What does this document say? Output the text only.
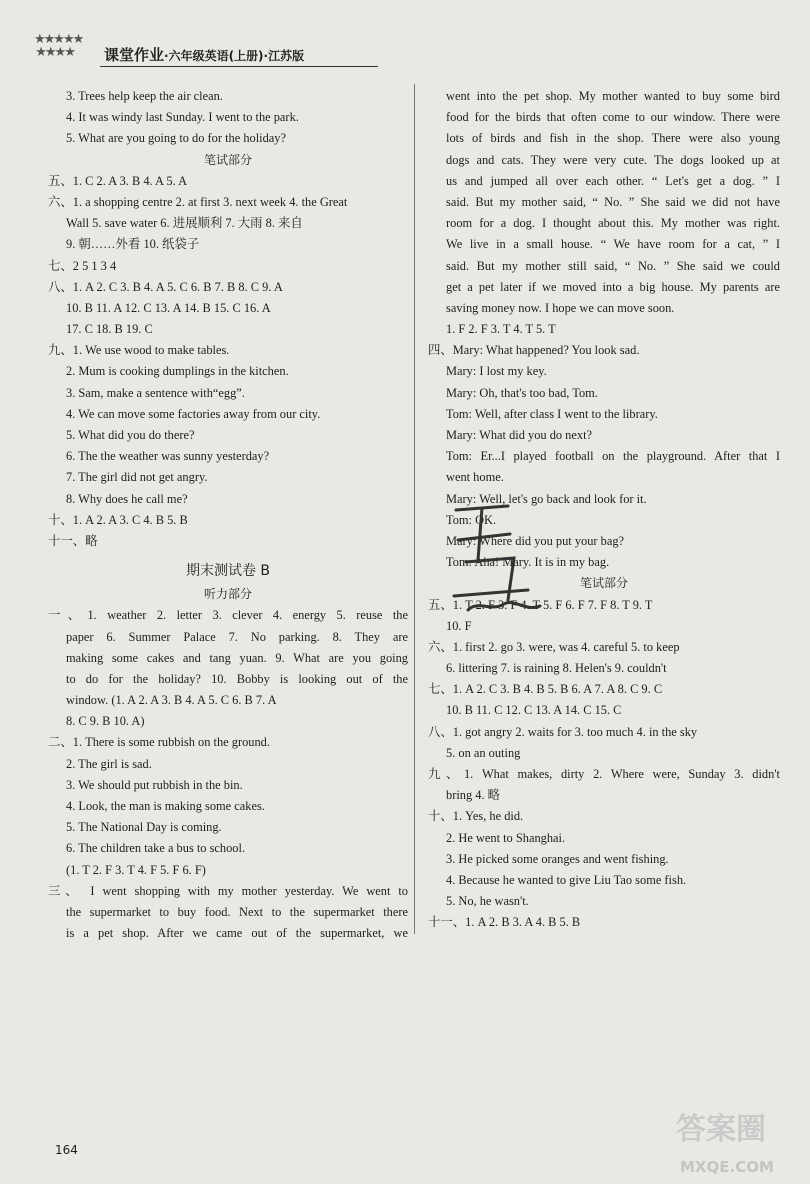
★★★★★
★★★★	课堂作业·六年级英语(上册)·江苏版
3. Trees help keep the air clean.
4. It was windy last Sunday. I went to the park.
5. What are you going to do for the holiday?
笔试部分
五、1. C 2. A 3. B 4. A 5. A
六、1. a shopping centre 2. at first 3. next week 4. the Great
Wall 5. save water 6. 进展顺利 7. 大雨 8. 来自
9. 朝……外看 10. 纸袋子
七、2 5 1 3 4
八、1. A 2. C 3. B 4. A 5. C 6. B 7. B 8. C 9. A
10. B 11. A 12. C 13. A 14. B 15. C 16. A
17. C 18. B 19. C
九、1. We use wood to make tables.
2. Mum is cooking dumplings in the kitchen.
3. Sam, make a sentence with“egg”.
4. We can move some factories away from our city.
5. What did you do there?
6. The the weather was sunny yesterday?
7. The girl did not get angry.
8. Why does he call me?
十、1. A 2. A 3. C 4. B 5. B
十一、略
期末测试卷 B
听力部分
一、1. weather 2. letter 3. clever 4. energy 5. reuse the
paper 6. Summer Palace 7. No parking. 8. They are
making some cakes and tang yuan. 9. What are you going
to do for the holiday? 10. Bobby is looking out of the
window. (1. A 2. A 3. B 4. A 5. C 6. B 7. A
8. C 9. B 10. A)
二、1. There is some rubbish on the ground.
2. The girl is sad.
3. We should put rubbish in the bin.
4. Look, the man is making some cakes.
5. The National Day is coming.
6. The children take a bus to school.
(1. T 2. F 3. T 4. F 5. F 6. F)
三、 I went shopping with my mother yesterday. We went to
the supermarket to buy food. Next to the supermarket there
is a pet shop. After we came out of the supermarket, we
went into the pet shop. My mother wanted to buy some bird
food for the birds that often come to our window. There were
lots of birds and fish in the shop. There were also young
dogs and cats. They were very cute. The dogs looked up at
us and jumped all over each other. “ Let's get a dog. ” I
said. But my mother said, “ No. ” She said we did not have
room for a dog. I thought about this. My mother was right.
We live in a small house. “ We have room for a cat, ” I
said. But my mother still said, “ No. ” She said we could
get a pet later if we moved into a big house. My parents are
saving money now. I hope we can move soon.
1. F 2. F 3. T 4. T 5. T
四、Mary: What happened? You look sad.
Mary: I lost my key.
Mary: Oh, that's too bad, Tom.
Tom: Well, after class I went to the library.
Mary: What did you do next?
Tom: Er...I played football on the playground. After that I
went home.
Mary: Well, let's go back and look for it.
Tom: OK.
Mary: Where did you put your bag?
Tom: Aha! Mary. It is in my bag.
笔试部分
五、1. T 2. F 3. F 4. T 5. F 6. F 7. F 8. T 9. T
10. F
六、1. first 2. go 3. were, was 4. careful 5. to keep
6. littering 7. is raining 8. Helen's 9. couldn't
七、1. A 2. C 3. B 4. B 5. B 6. A 7. A 8. C 9. C
10. B 11. C 12. C 13. A 14. C 15. C
八、1. got angry 2. waits for 3. too much 4. in the sky
5. on an outing
九、1. What makes, dirty 2. Where were, Sunday 3. didn't
bring 4. 略
十、1. Yes, he did.
2. He went to Shanghai.
3. He picked some oranges and went fishing.
4. Because he wanted to give Liu Tao some fish.
5. No, he wasn't.
十一、1. A 2. B 3. A 4. B 5. B
164
答案圈
MXQE.COM
